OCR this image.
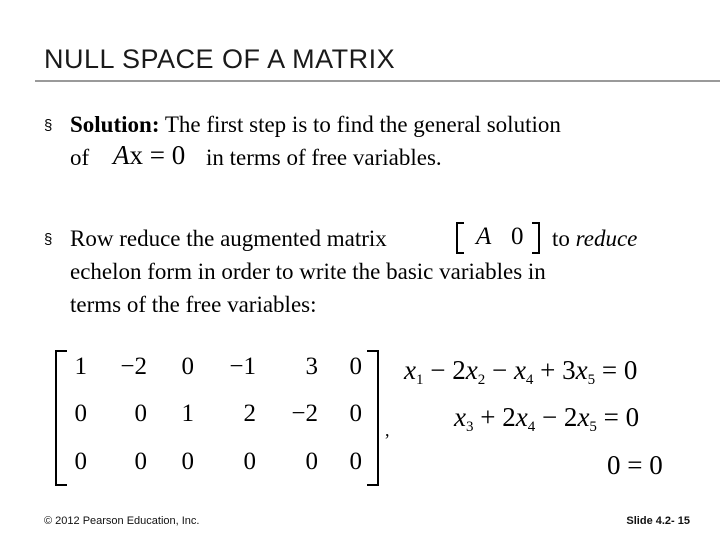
NULL SPACE OF A MATRIX
§ Solution: The first step is to find the general solution
of Ax = 0 in terms of free variables.
§ Row reduce the augmented matrix	A 0 to reduce
echelon form in order to write the basic variables in
terms of the free variables:
1	−2	0	−1	3	0
0	0	1	2	−2	0
0	0	0	0	0	0
,
$x_1 - 2x_2 - x_4 + 3x_5 = 0$
$x_3 + 2x_4 - 2x_5 = 0$
0 = 0
© 2012 Pearson Education, Inc.	Slide 4.2- 15
